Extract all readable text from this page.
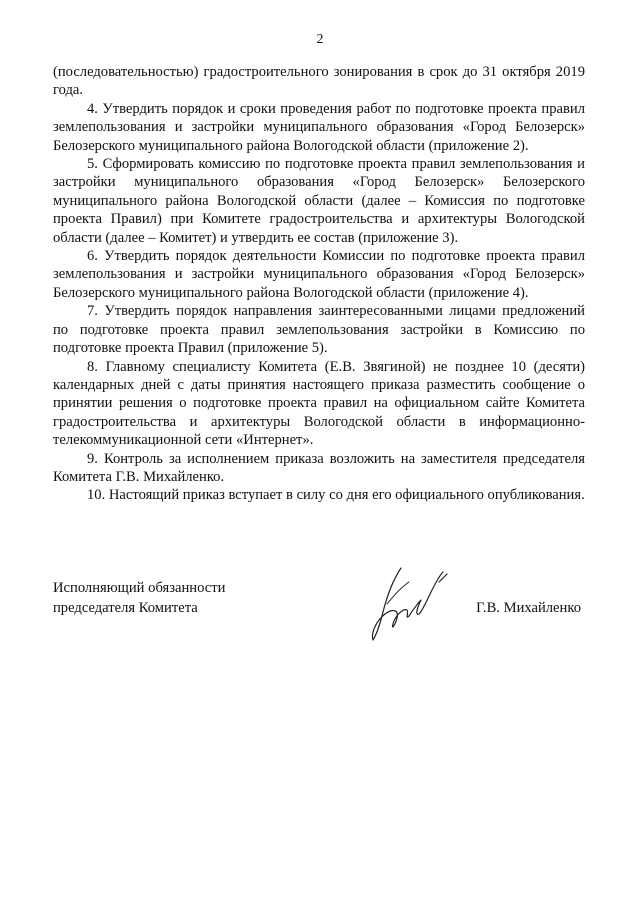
2

(последовательностью) градостроительного зонирования в срок до 31 октября 2019 года.

4. Утвердить порядок и сроки проведения работ по подготовке проекта правил землепользования и застройки муниципального образования «Город Белозерск» Белозерского муниципального района Вологодской области (приложение 2).

5. Сформировать комиссию по подготовке проекта правил землепользования и застройки муниципального образования «Город Белозерск» Белозерского муниципального района Вологодской области (далее – Комиссия по подготовке проекта Правил) при Комитете градостроительства и архитектуры Вологодской области (далее – Комитет) и утвердить ее состав (приложение 3).

6. Утвердить порядок деятельности Комиссии по подготовке проекта правил землепользования и застройки муниципального образования «Город Белозерск» Белозерского муниципального района Вологодской области (приложение 4).

7. Утвердить порядок направления заинтересованными лицами предложений по подготовке проекта правил землепользования застройки в Комиссию по подготовке проекта Правил (приложение 5).

8. Главному специалисту Комитета (Е.В. Звягиной) не позднее 10 (десяти) календарных дней с даты принятия настоящего приказа разместить сообщение о принятии решения о подготовке проекта правил на официальном сайте Комитета градостроительства и архитектуры Вологодской области в информационно-телекоммуникационной сети «Интернет».

9. Контроль за исполнением приказа возложить на заместителя председателя Комитета Г.В. Михайленко.

10. Настоящий приказ вступает в силу со дня его официального опубликования.

Исполняющий обязанности
председателя Комитета	Г.В. Михайленко
